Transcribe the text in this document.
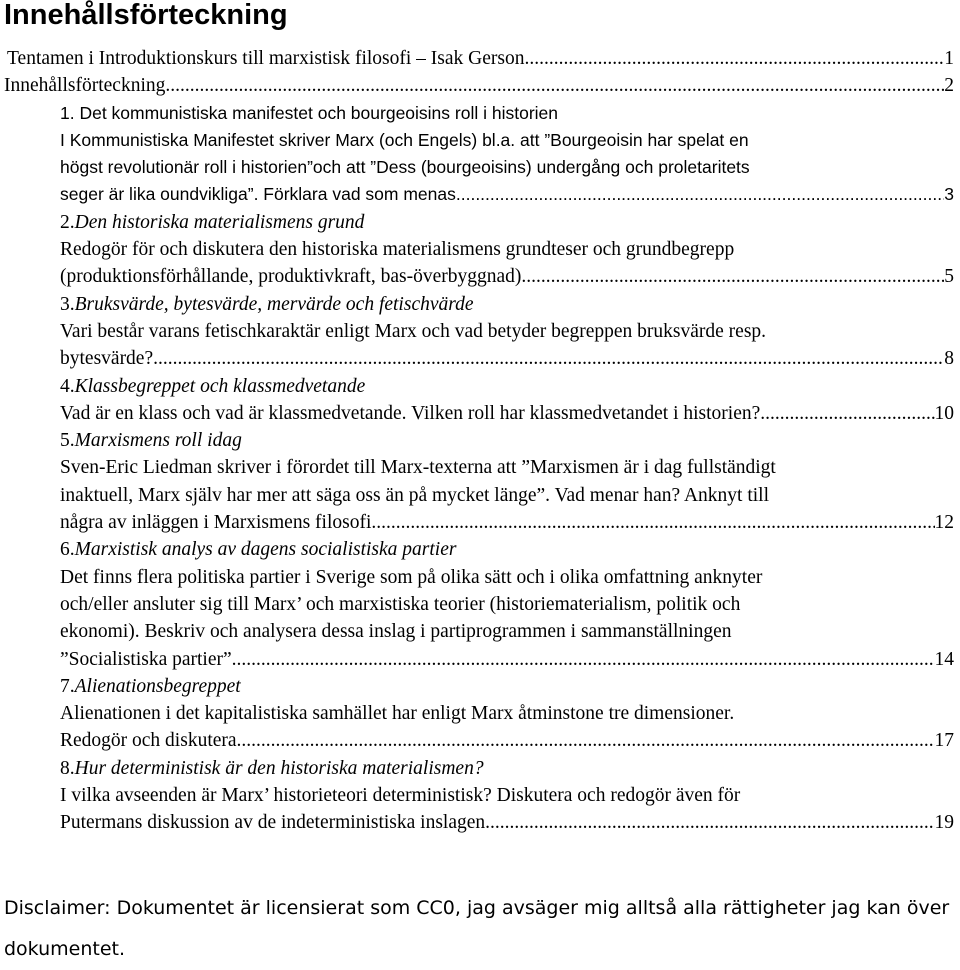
Innehållsförteckning
Tentamen i Introduktionskurs till marxistisk filosofi – Isak Gerson .....	1
Innehållsförteckning .....	2
1. Det kommunistiska manifestet och bourgeoisins roll i historien
I Kommunistiska Manifestet skriver Marx (och Engels) bl.a. att ”Bourgeoisin har spelat en
högst revolutionär roll i historien”och att ”Dess (bourgeoisins) undergång och proletaritets
seger är lika oundvikliga”. Förklara vad som menas .....	3
2. Den historiska materialismens grund
Redogör för och diskutera den historiska materialismens grundteser och grundbegrepp
(produktionsförhållande, produktivkraft, bas-överbyggnad) .....	5
3. Bruksvärde, bytesvärde, mervärde och fetischvärde
Vari består varans fetischkaraktär enligt Marx och vad betyder begreppen bruksvärde resp.
bytesvärde? .....	8
4. Klassbegreppet och klassmedvetande
Vad är en klass och vad är klassmedvetande. Vilken roll har klassmedvetandet i historien? .....	10
5. Marxismens roll idag
Sven-Eric Liedman skriver i förordet till Marx-texterna att ”Marxismen är i dag fullständigt
inaktuell, Marx själv har mer att säga oss än på mycket länge”. Vad menar han? Anknyt till
några av inläggen i Marxismens filosofi .....	12
6. Marxistisk analys av dagens socialistiska partier
Det finns flera politiska partier i Sverige som på olika sätt och i olika omfattning anknyter
och/eller ansluter sig till Marx’ och marxistiska teorier (historiematerialism, politik och
ekonomi). Beskriv och analysera dessa inslag i partiprogrammen i sammanställningen
”Socialistiska partier” .....	14
7. Alienationsbegreppet
Alienationen i det kapitalistiska samhället har enligt Marx åtminstone tre dimensioner.
Redogör och diskutera .....	17
8. Hur deterministisk är den historiska materialismen?
I vilka avseenden är Marx’ historieteori deterministisk? Diskutera och redogör även för
Putermans diskussion av de indeterministiska inslagen .....	19

Disclaimer: Dokumentet är licensierat som CC0, jag avsäger mig alltså alla rättigheter jag kan över dokumentet.
